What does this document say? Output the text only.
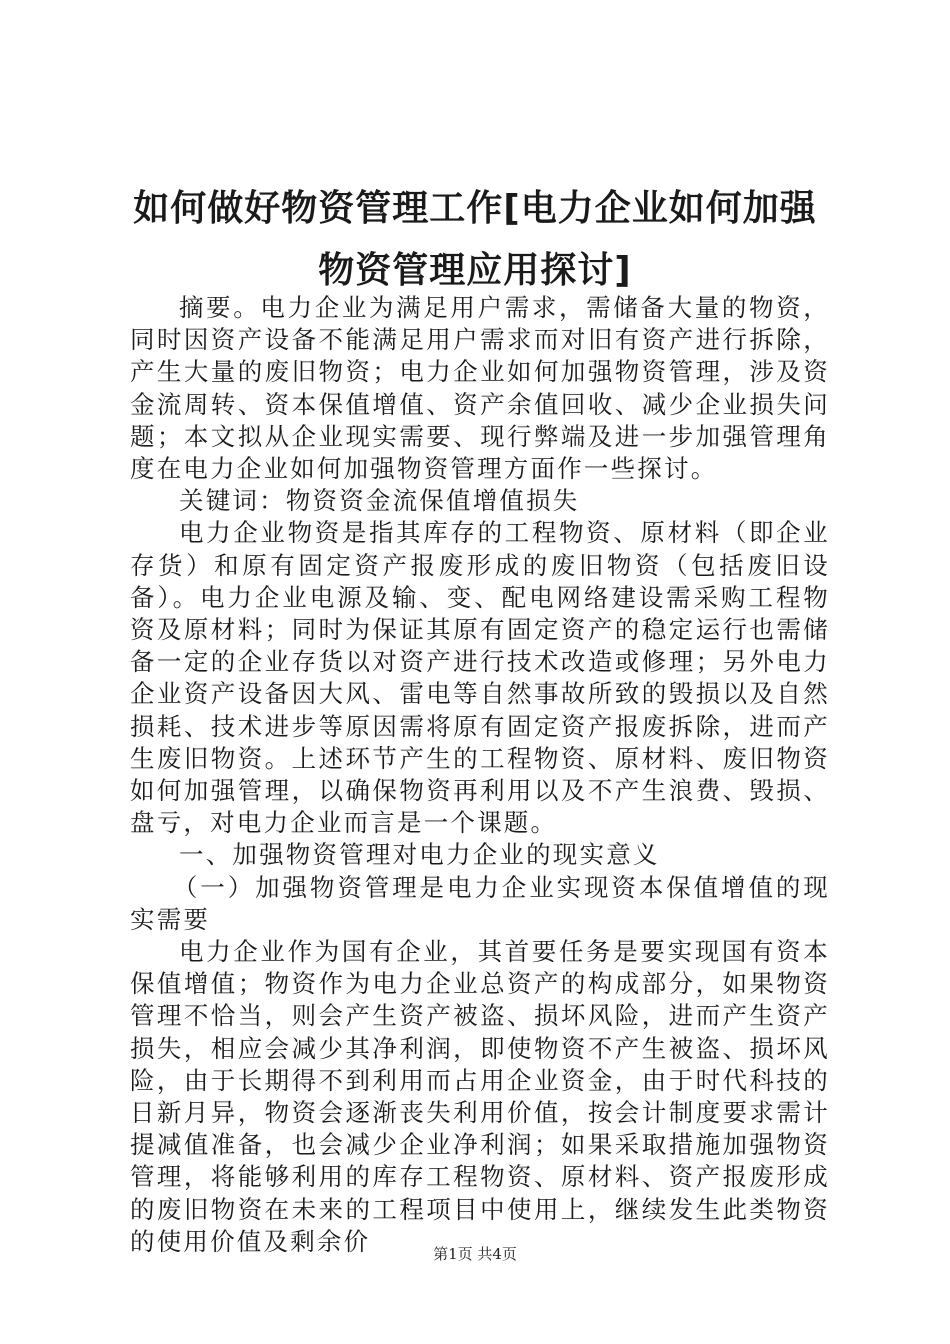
如何做好物资管理工作[电力企业如何加强物资管理应用探讨]

摘要。电力企业为满足用户需求，需储备大量的物资，同时因资产设备不能满足用户需求而对旧有资产进行拆除，产生大量的废旧物资；电力企业如何加强物资管理，涉及资金流周转、资本保值增值、资产余值回收、减少企业损失问题；本文拟从企业现实需要、现行弊端及进一步加强管理角度在电力企业如何加强物资管理方面作一些探讨。

关键词：物资资金流保值增值损失

电力企业物资是指其库存的工程物资、原材料（即企业存货）和原有固定资产报废形成的废旧物资（包括废旧设备）。电力企业电源及输、变、配电网络建设需采购工程物资及原材料；同时为保证其原有固定资产的稳定运行也需储备一定的企业存货以对资产进行技术改造或修理；另外电力企业资产设备因大风、雷电等自然事故所致的毁损以及自然损耗、技术进步等原因需将原有固定资产报废拆除，进而产生废旧物资。上述环节产生的工程物资、原材料、废旧物资如何加强管理，以确保物资再利用以及不产生浪费、毁损、盘亏，对电力企业而言是一个课题。

一、加强物资管理对电力企业的现实意义

（一）加强物资管理是电力企业实现资本保值增值的现实需要

电力企业作为国有企业，其首要任务是要实现国有资本保值增值；物资作为电力企业总资产的构成部分，如果物资管理不恰当，则会产生资产被盗、损坏风险，进而产生资产损失，相应会减少其净利润，即使物资不产生被盗、损坏风险，由于长期得不到利用而占用企业资金，由于时代科技的日新月异，物资会逐渐丧失利用价值，按会计制度要求需计提减值准备，也会减少企业净利润；如果采取措施加强物资管理，将能够利用的库存工程物资、原材料、资产报废形成的废旧物资在未来的工程项目中使用上，继续发生此类物资的使用价值及剩余价	第1页 共4页
